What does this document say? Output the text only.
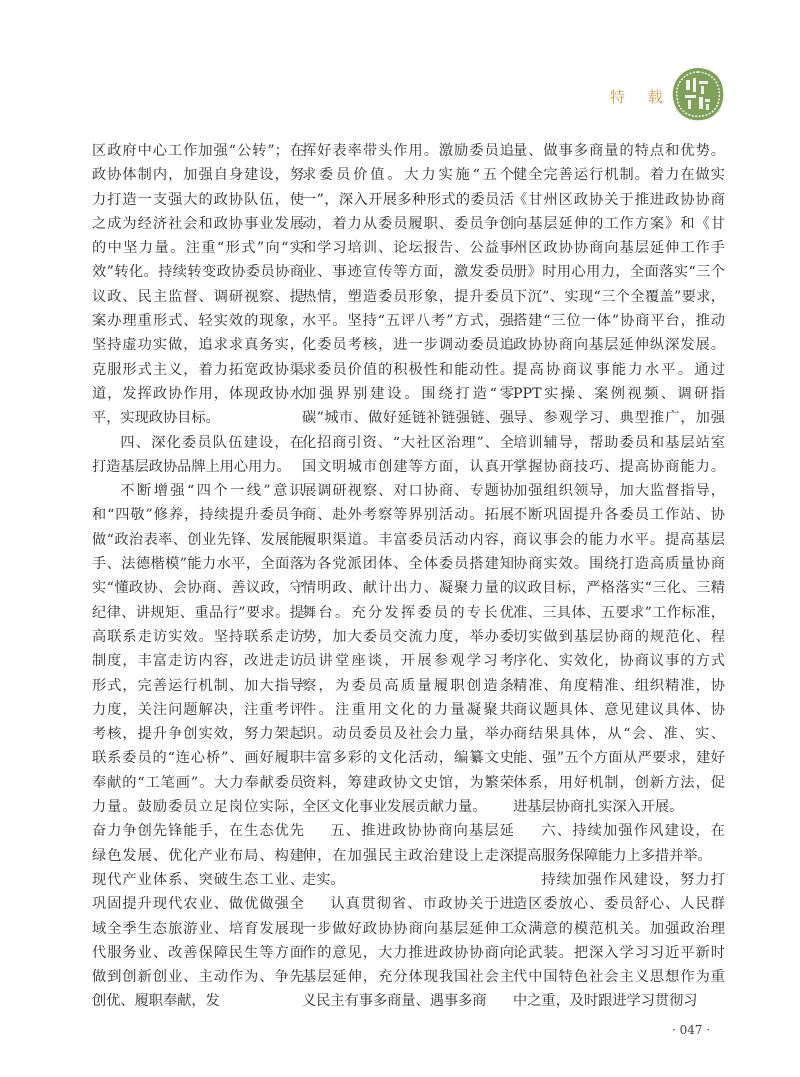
特 载

区政府中心工作加强“公转”；在政协体制内，加强自身建设，努力打造一支强大的政协队伍，使之成为经济社会和政协事业发展的中坚力量。注重“形式”向“实效”转化。持续转变政协委员协商议政、民主监督、调研视察、提案办理重形式、轻实效的现象，坚持虚功实做，追求求真务实，克服形式主义，着力拓宽政协渠道，发挥政协作用，体现政协水平，实现政协目标。

四、深化委员队伍建设，在打造基层政协品牌上用心用力。

不断增强“四个一线”意识和“四敬”修养，持续提升委员争做“政治表率、创业先锋、发展能手、法德楷模”能力水平，全面落实“懂政协、会协商、善议政，守纪律、讲规矩、重品行”要求。提高联系走访实效。坚持联系走访制度，丰富走访内容，改进走访形式，完善运行机制、加大指导力度，关注问题解决，注重考评考核，提升争创实效，努力架起联系委员的“连心桥”、画好履职奉献的“工笔画”。大力奉献委员力量。鼓励委员立足岗位实际，奋力争创先锋能手，在生态优先绿色发展、优化产业布局、构建现代产业体系、突破生态工业、巩固提升现代农业、做优做强全域全季生态旅游业、培育发展现代服务业、改善保障民生等方面做到创新创业、主动作为、争先创优、履职奉献，发

挥好表率带头作用。激励委员追求委员价值。大力实施“五个一”，深入开展多种形式的委员活动，着力从委员履职、委员争创和学习培训、论坛报告、公益事业、事迹宣传等方面，激发委员热情，塑造委员形象，提升委员水平。坚持“五评八考”方式，强化委员考核，进一步调动委员追求委员价值的积极性和能动性。加强界别建设。围绕打造“零碳”城市、做好延链补链强链、强化招商引资、“大社区治理”、全国文明城市创建等方面，认真开展调研视察、对口协商、专题协商、赴外考察等界别活动。拓展履职渠道。丰富委员活动内容，为各党派团体、全体委员搭建知情明政、献计出力、凝聚力量的舞台。充分发挥委员的专长优势，加大委员交流力度，举办委员讲堂座谈，开展参观学习考察，为委员高质量履职创造条件。注重用文化的力量凝聚共识。动员委员及社会力量，举办丰富多彩的文化活动，编纂文史资料，筹建政协文史馆，为繁荣全区文化事业发展贡献力量。

五、推进政协协商向基层延伸，在加强民主政治建设上走深走实。

认真贯彻省、市政协关于进一步做好政协协商向基层延伸工作的意见，大力推进政协协商向基层延伸，充分体现我国社会主义民主有事多商量、遇事多商

量、做事多商量的特点和优势。健全完善运行机制。着力在做实《甘州区政协关于推进政协协商向基层延伸的工作方案》和《甘州区政协协商向基层延伸工作手册》时用心用力，全面落实“三个下沉”、实现“三个全覆盖”要求，搭建“三位一体”协商平台，推动政协协商向基层延伸纵深发展。提高协商议事能力水平。通过PPT实操、案例视频、调研指导、参观学习、典型推广，加强培训辅导，帮助委员和基层站室掌握协商技巧、提高协商能力。加强组织领导，加大监督指导，不断巩固提升各委员工作站、协商议事会的能力水平。提高基层协商实效。围绕打造高质量协商议政目标，严格落实“三化、三精准、三具体、五要求”工作标准，切实做到基层协商的规范化、程序化、实效化，协商议事的方式精准、角度精准、组织精准，协商议题具体、意见建议具体、协商结果具体，从“会、准、实、能、强”五个方面从严要求，建好体系，用好机制，创新方法，促进基层协商扎实深入开展。

六、持续加强作风建设，在提高服务保障能力上多措并举。

持续加强作风建设，努力打造区委放心、委员舒心、人民群众满意的模范机关。加强政治理论武装。把深入学习习近平新时代中国特色社会主义思想作为重中之重，及时跟进学习贯彻习

· 047 ·
